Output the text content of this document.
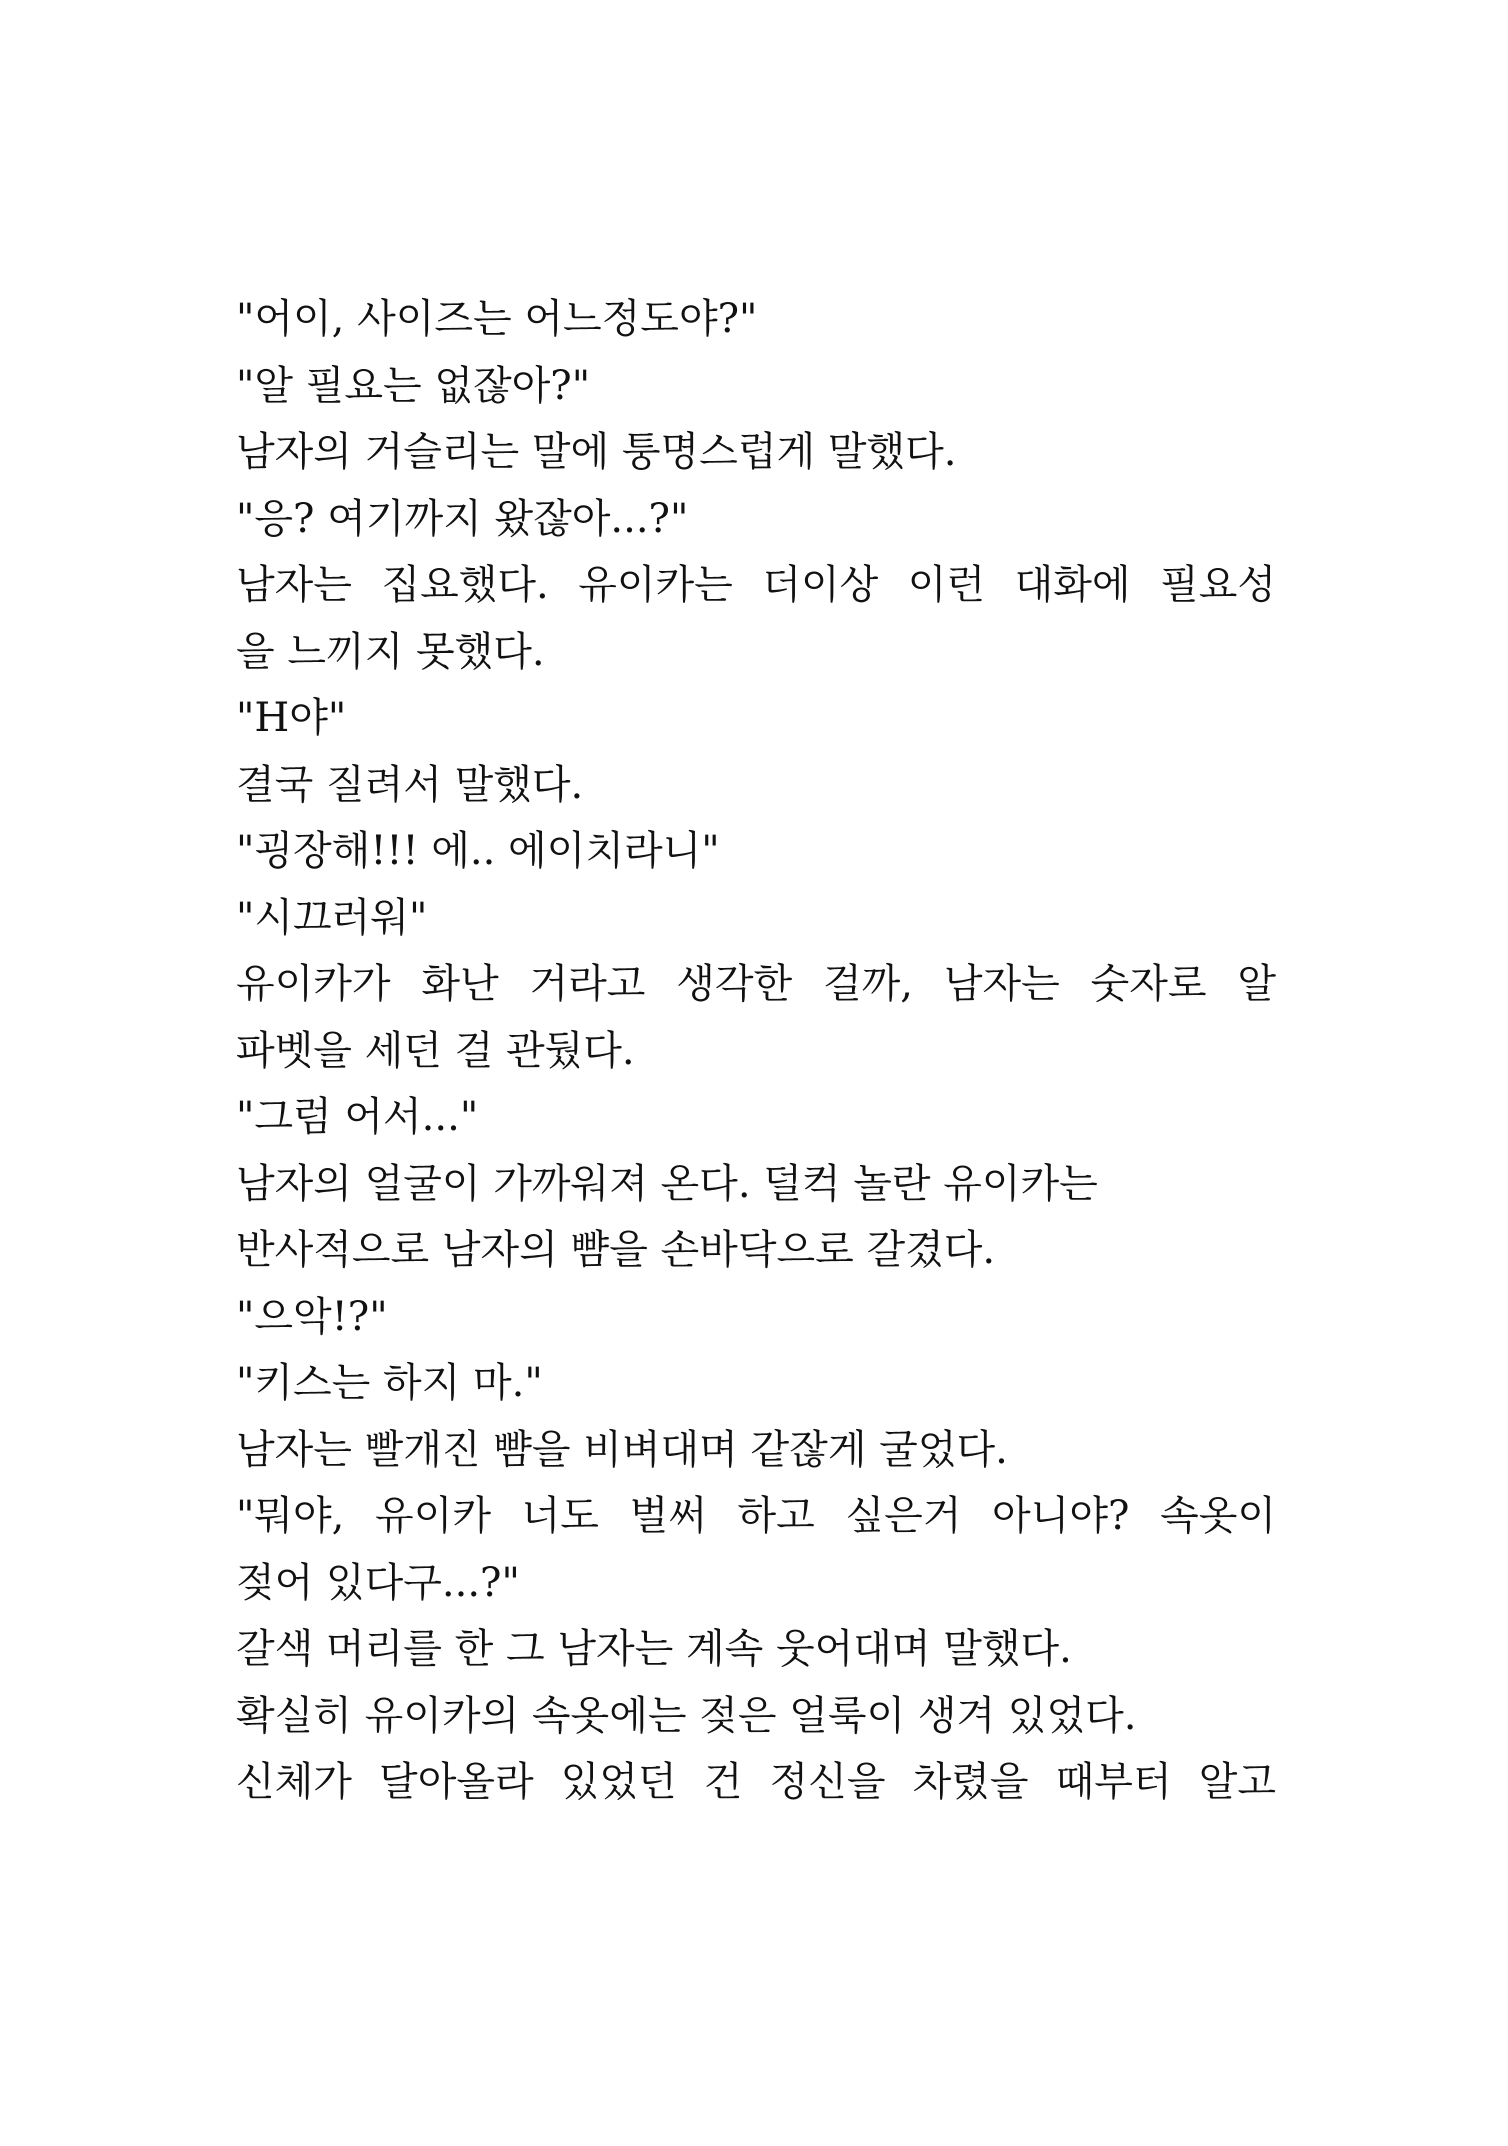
"어이, 사이즈는 어느정도야?"
"알 필요는 없잖아?"
남자의 거슬리는 말에 퉁명스럽게 말했다.
"응? 여기까지 왔잖아...?"
남자는 집요했다. 유이카는 더이상 이런 대화에 필요성
을 느끼지 못했다.
"H야"
결국 질려서 말했다.
"굉장해!!! 에.. 에이치라니"
"시끄러워"
유이카가 화난 거라고 생각한 걸까, 남자는 숫자로 알
파벳을 세던 걸 관뒀다.
"그럼 어서..."
남자의 얼굴이 가까워져 온다. 덜컥 놀란 유이카는
반사적으로 남자의 뺨을 손바닥으로 갈겼다.
"으악!?"
"키스는 하지 마."
남자는 빨개진 뺨을 비벼대며 같잖게 굴었다.
"뭐야, 유이카 너도 벌써 하고 싶은거 아니야? 속옷이
젖어 있다구...?"
갈색 머리를 한 그 남자는 계속 웃어대며 말했다.
확실히 유이카의 속옷에는 젖은 얼룩이 생겨 있었다.
신체가 달아올라 있었던 건 정신을 차렸을 때부터 알고
